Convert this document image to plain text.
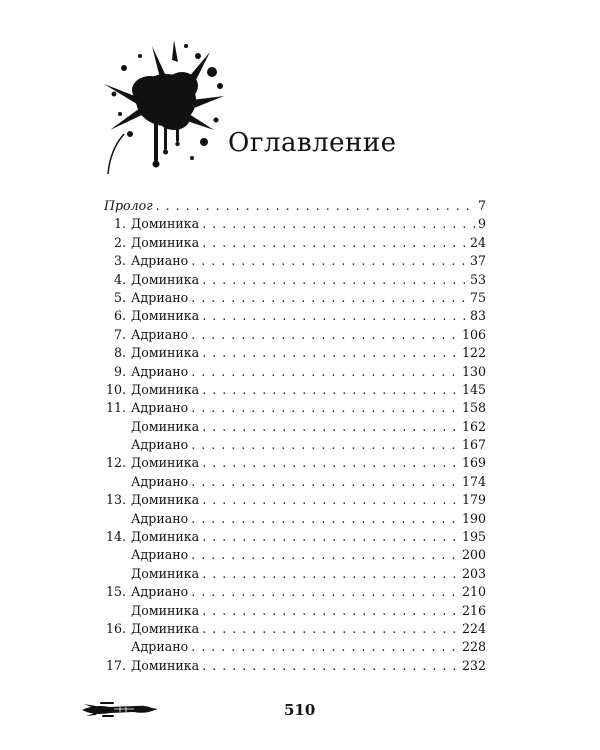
Оглавление
Пролог . . .	7
1. Доминика . . .	9
2. Доминика . . .	24
3. Адриано . . .	37
4. Доминика . . .	53
5. Адриано . . .	75
6. Доминика . . .	83
7. Адриано . . .	106
8. Доминика . . .	122
9. Адриано . . .	130
10. Доминика . . .	145
11. Адриано . . .	158
Доминика . . .	162
Адриано . . .	167
12. Доминика . . .	169
Адриано . . .	174
13. Доминика . . .	179
Адриано . . .	190
14. Доминика . . .	195
Адриано . . .	200
Доминика . . .	203
15. Адриано . . .	210
Доминика . . .	216
16. Доминика . . .	224
Адриано . . .	228
17. Доминика . . .	232
510
